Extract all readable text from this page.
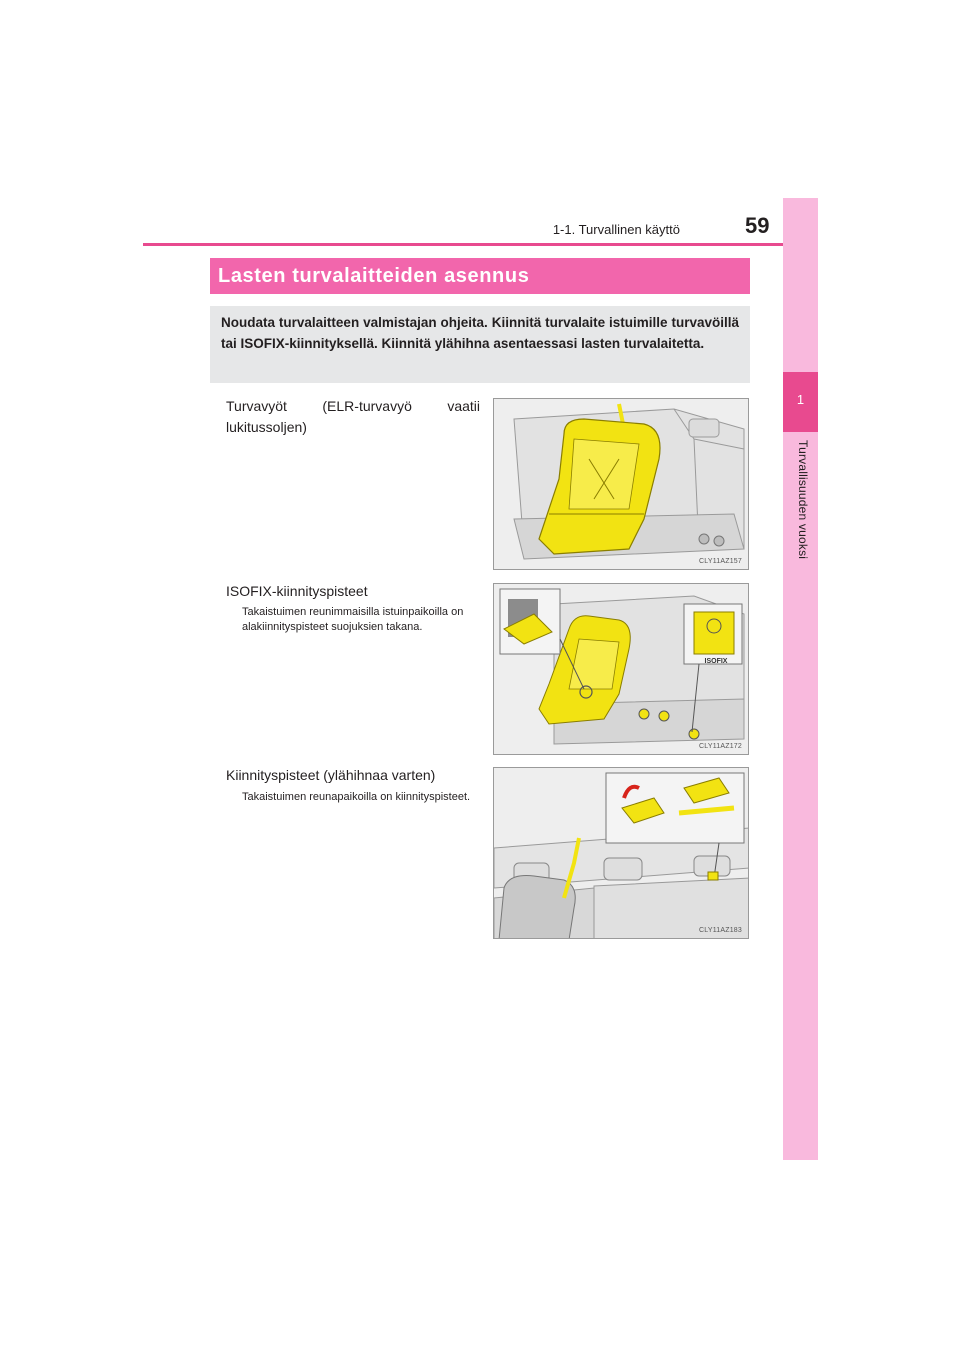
1-1. Turvallinen käyttö	59
1
Turvallisuuden vuoksi
Lasten turvalaitteiden asennus
Noudata turvalaitteen valmistajan ohjeita. Kiinnitä turvalaite istuimille turvavöillä tai ISOFIX-kiinnityksellä. Kiinnitä ylähihna asentaessasi lasten turvalaitetta.
Turvavyöt (ELR-turvavyö vaatii lukitussoljen)
CLY11AZ157
ISOFIX-kiinnityspisteet
Takaistuimen reunimmaisilla istuinpaikoilla on alakiinnityspisteet suojuksien takana.
ISOFIX
CLY11AZ172
Kiinnityspisteet (ylähihnaa varten)
Takaistuimen reunapaikoilla on kiinnityspisteet.
CLY11AZ183
